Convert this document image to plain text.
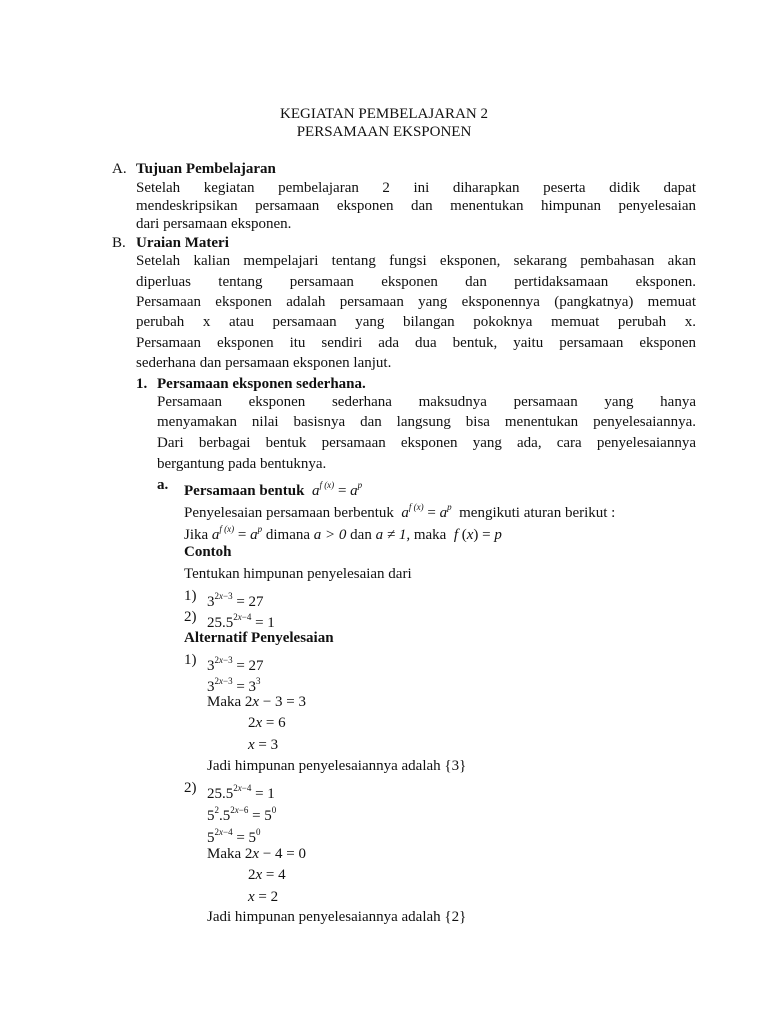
KEGIATAN PEMBELAJARAN 2
PERSAMAAN EKSPONEN
A. Tujuan Pembelajaran
Setelah kegiatan pembelajaran 2 ini diharapkan peserta didik dapat
mendeskripsikan persamaan eksponen dan menentukan himpunan penyelesaian
dari persamaan eksponen.
B. Uraian Materi
Setelah kalian mempelajari tentang fungsi eksponen, sekarang pembahasan akan
diperluas tentang persamaan eksponen dan pertidaksamaan eksponen.
Persamaan eksponen adalah persamaan yang eksponennya (pangkatnya) memuat
perubah x atau persamaan yang bilangan pokoknya memuat perubah x.
Persamaan eksponen itu sendiri ada dua bentuk, yaitu persamaan eksponen
sederhana dan persamaan eksponen lanjut.
1. Persamaan eksponen sederhana.
Persamaan eksponen sederhana maksudnya persamaan yang hanya
menyamakan nilai basisnya dan langsung bisa menentukan penyelesaiannya.
Dari berbagai bentuk persamaan eksponen yang ada, cara penyelesaiannya
bergantung pada bentuknya.
a. Persamaan bentuk  $a^{f (x)} = a^p$
Penyelesaian persamaan berbentuk  $a^{f (x)} = a^p$ mengikuti aturan berikut :
Jika $a^{f (x)} = a^p$ dimana a > 0 dan a ≠ 1, maka  f (x) = p
Contoh
Tentukan himpunan penyelesaian dari
1) $3^{2x-3} = 27$
2) $25.5^{2x-4} = 1$
Alternatif Penyelesaian
1) $3^{2x-3} = 27$
$3^{2x-3} = 3^3$
Maka 2x − 3 = 3
2x = 6
x = 3
Jadi himpunan penyelesaiannya adalah {3}
2) $25.5^{2x-4} = 1$
$5^2.5^{2x-6} = 5^0$
$5^{2x-4} = 5^0$
Maka 2x − 4 = 0
2x = 4
x = 2
Jadi himpunan penyelesaiannya adalah {2}
